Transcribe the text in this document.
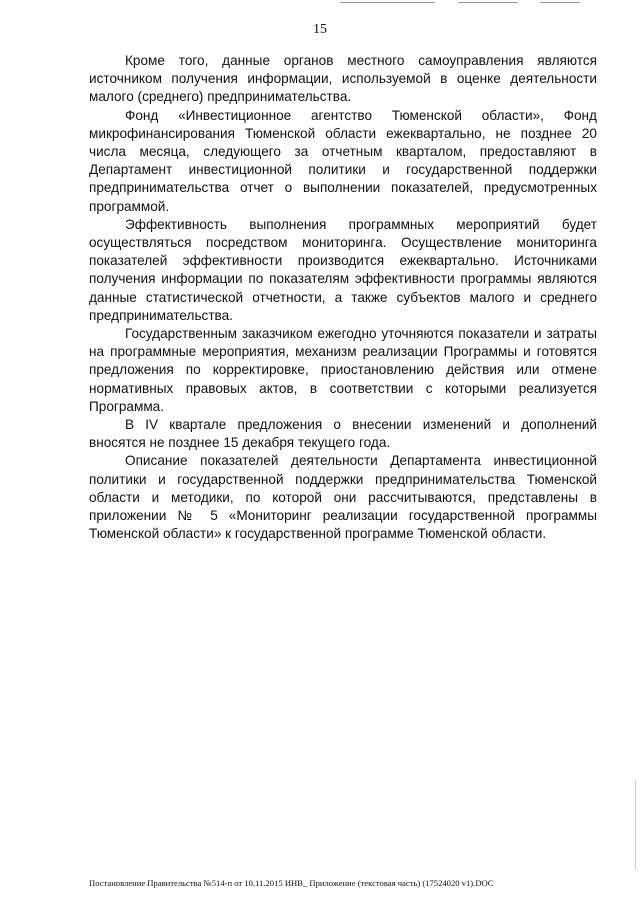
15

Кроме того, данные органов местного самоуправления являются источником получения информации, используемой в оценке деятельности малого (среднего) предпринимательства.

Фонд «Инвестиционное агентство Тюменской области», Фонд микрофинансирования Тюменской области ежеквартально, не позднее 20 числа месяца, следующего за отчетным кварталом, предоставляют в Департамент инвестиционной политики и государственной поддержки предпринимательства отчет о выполнении показателей, предусмотренных программой.

Эффективность выполнения программных мероприятий будет осуществляться посредством мониторинга. Осуществление мониторинга показателей эффективности производится ежеквартально. Источниками получения информации по показателям эффективности программы являются данные статистической отчетности, а также субъектов малого и среднего предпринимательства.

Государственным заказчиком ежегодно уточняются показатели и затраты на программные мероприятия, механизм реализации Программы и готовятся предложения по корректировке, приостановлению действия или отмене нормативных правовых актов, в соответствии с которыми реализуется Программа.

В IV квартале предложения о внесении изменений и дополнений вносятся не позднее 15 декабря текущего года.

Описание показателей деятельности Департамента инвестиционной политики и государственной поддержки предпринимательства Тюменской области и методики, по которой они рассчитываются, представлены в приложении № 5 «Мониторинг реализации государственной программы Тюменской области» к государственной программе Тюменской области.

Постановление Правительства №514-п от 10.11.2015 ИНВ_ Приложение (текстовая часть) (17524020 v1).DOC
